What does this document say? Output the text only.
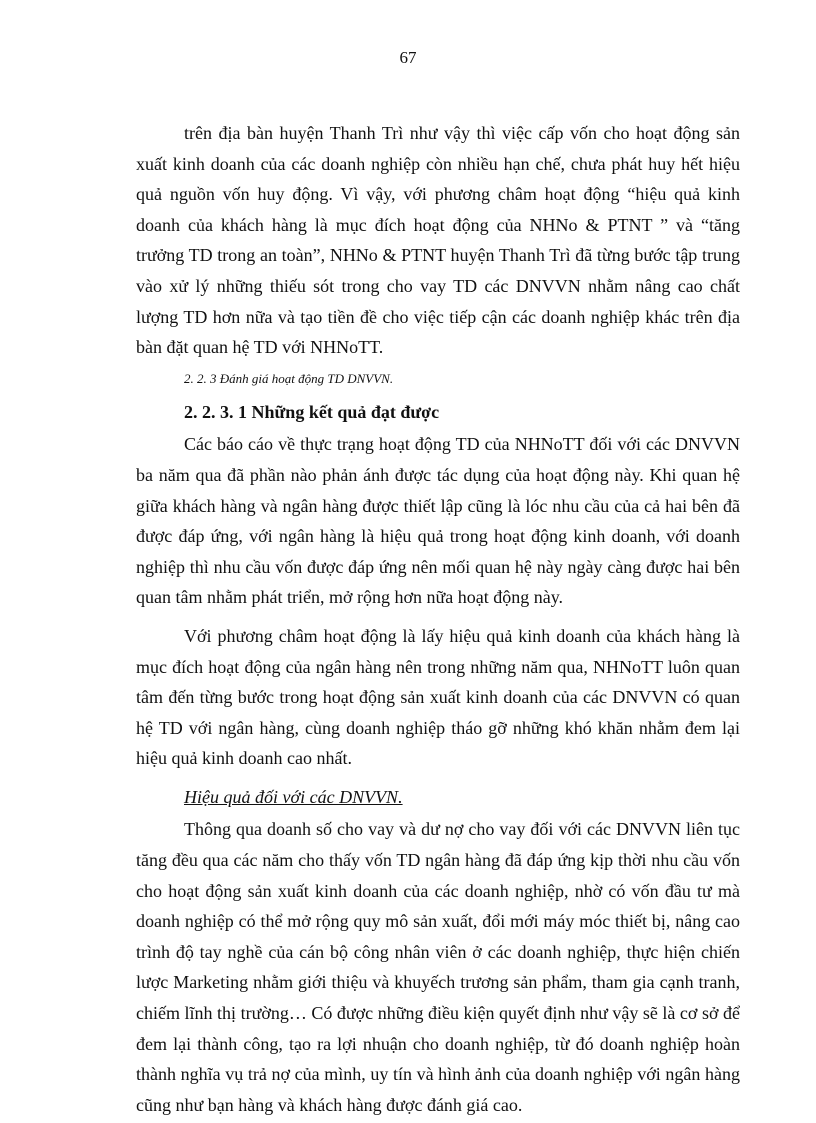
67

trên địa bàn huyện Thanh Trì như vậy thì việc cấp vốn cho hoạt động sản xuất kinh doanh của các doanh nghiệp còn nhiều hạn chế, chưa phát huy hết hiệu quả nguồn vốn huy động. Vì vậy, với phương châm hoạt động “hiệu quả kinh doanh của khách hàng là mục đích hoạt động của NHNo & PTNT ” và “tăng trưởng TD trong an toàn”, NHNo & PTNT huyện Thanh Trì đã từng bước tập trung vào xử lý những thiếu sót trong cho vay TD các DNVVN nhằm nâng cao chất lượng TD hơn nữa và tạo tiền đề cho việc tiếp cận các doanh nghiệp khác trên địa bàn đặt quan hệ TD với NHNoTT.

2. 2. 3 Đánh giá hoạt động TD DNVVN.
2. 2. 3. 1 Những kết quả đạt được

Các báo cáo về thực trạng hoạt động TD của NHNoTT đối với các DNVVN ba năm qua đã phần nào phản ánh được tác dụng của hoạt động này. Khi quan hệ giữa khách hàng và ngân hàng được thiết lập cũng là lóc nhu cầu của cả hai bên đã được đáp ứng, với ngân hàng là hiệu quả trong hoạt động kinh doanh, với doanh nghiệp thì nhu cầu vốn được đáp ứng nên mối quan hệ này ngày càng được hai bên quan tâm nhằm phát triển, mở rộng hơn nữa hoạt động này.

Với phương châm hoạt động là lấy hiệu quả kinh doanh của khách hàng là mục đích hoạt động của ngân hàng nên trong những năm qua, NHNoTT luôn quan tâm đến từng bước trong hoạt động sản xuất kinh doanh của các DNVVN có quan hệ TD với ngân hàng, cùng doanh nghiệp tháo gỡ những khó khăn nhằm đem lại hiệu quả kinh doanh cao nhất.

Hiệu quả đối với các DNVVN.

Thông qua doanh số cho vay và dư nợ cho vay đối với các DNVVN liên tục tăng đều qua các năm cho thấy vốn TD ngân hàng đã đáp ứng kịp thời nhu cầu vốn cho hoạt động sản xuất kinh doanh của các doanh nghiệp, nhờ có vốn đầu tư mà doanh nghiệp có thể mở rộng quy mô sản xuất, đổi mới máy móc thiết bị, nâng cao trình độ tay nghề của cán bộ công nhân viên ở các doanh nghiệp, thực hiện chiến lược Marketing nhằm giới thiệu và khuyếch trương sản phẩm, tham gia cạnh tranh, chiếm lĩnh thị trường… Có được những điều kiện quyết định như vậy sẽ là cơ sở để đem lại thành công, tạo ra lợi nhuận cho doanh nghiệp, từ đó doanh nghiệp hoàn thành nghĩa vụ trả nợ của mình, uy tín và hình ảnh của doanh nghiệp với ngân hàng cũng như bạn hàng và khách hàng được đánh giá cao.
